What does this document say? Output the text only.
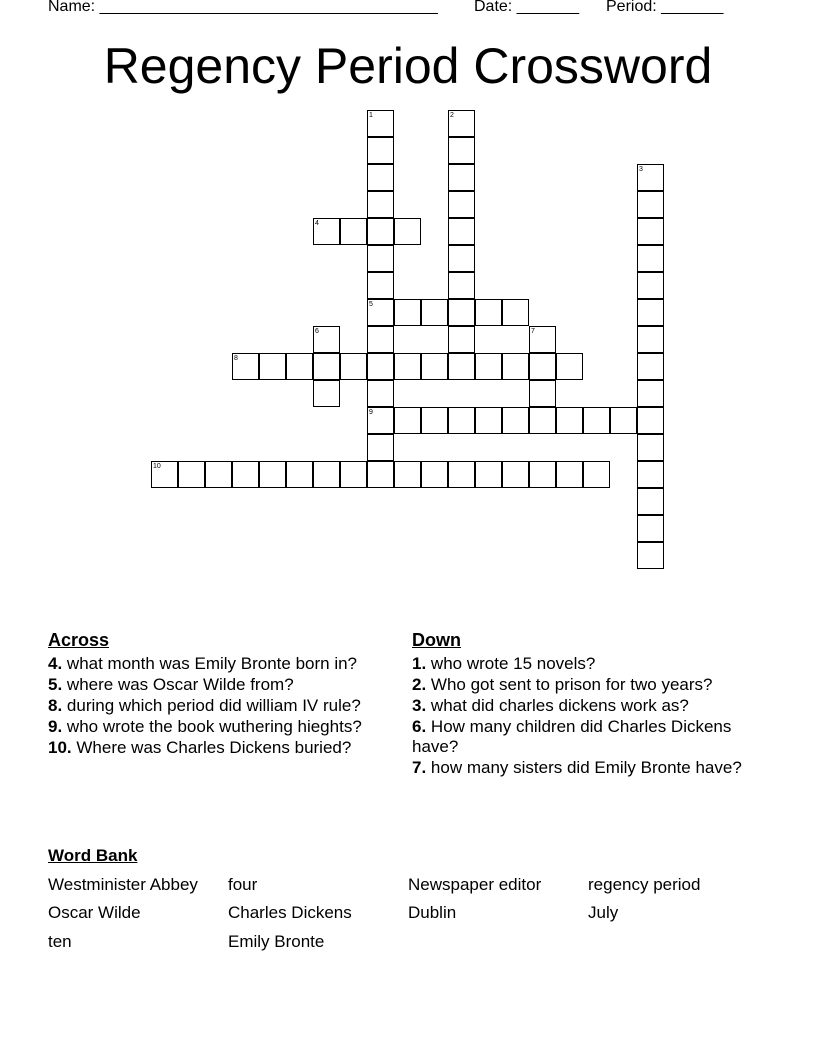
Name: ______________________________________ Date: _______ Period: _______
Regency Period Crossword
1
5
9
2
3
4
6	7
8
10
Across
4. what month was Emily Bronte born in?
5. where was Oscar Wilde from?
8. during which period did william IV rule?
9. who wrote the book wuthering hieghts?
10. Where was Charles Dickens buried?
Down
1. who wrote 15 novels?
2. Who got sent to prison for two years?
3. what did charles dickens work as?
6. How many children did Charles Dickens have?
7. how many sisters did Emily Bronte have?
Word Bank
Westminister Abbey four	Newspaper editor	regency period
Oscar Wilde	Charles Dickens	Dublin	July
ten	Emily Bronte
